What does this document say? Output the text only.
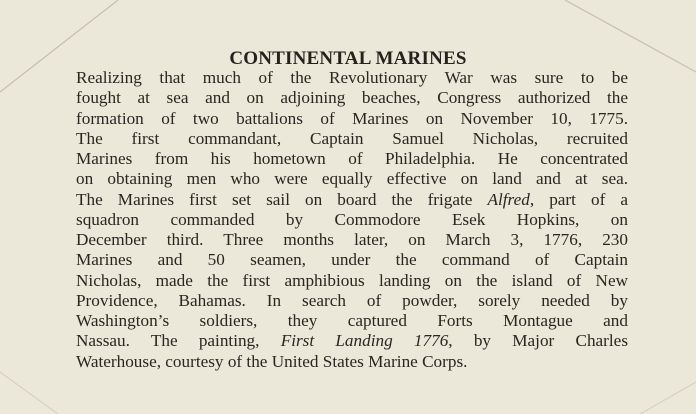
CONTINENTAL MARINES
Realizing that much of the Revolutionary War was sure to be
fought at sea and on adjoining beaches, Congress authorized the
formation of two battalions of Marines on November 10, 1775.
The first commandant, Captain Samuel Nicholas, recruited
Marines from his hometown of Philadelphia. He concentrated
on obtaining men who were equally effective on land and at sea.
The Marines first set sail on board the frigate Alfred, part of a
squadron commanded by Commodore Esek Hopkins, on
December third. Three months later, on March 3, 1776, 230
Marines and 50 seamen, under the command of Captain
Nicholas, made the first amphibious landing on the island of New
Providence, Bahamas. In search of powder, sorely needed by
Washington’s soldiers, they captured Forts Montague and
Nassau. The painting, First Landing 1776, by Major Charles
Waterhouse, courtesy of the United States Marine Corps.
